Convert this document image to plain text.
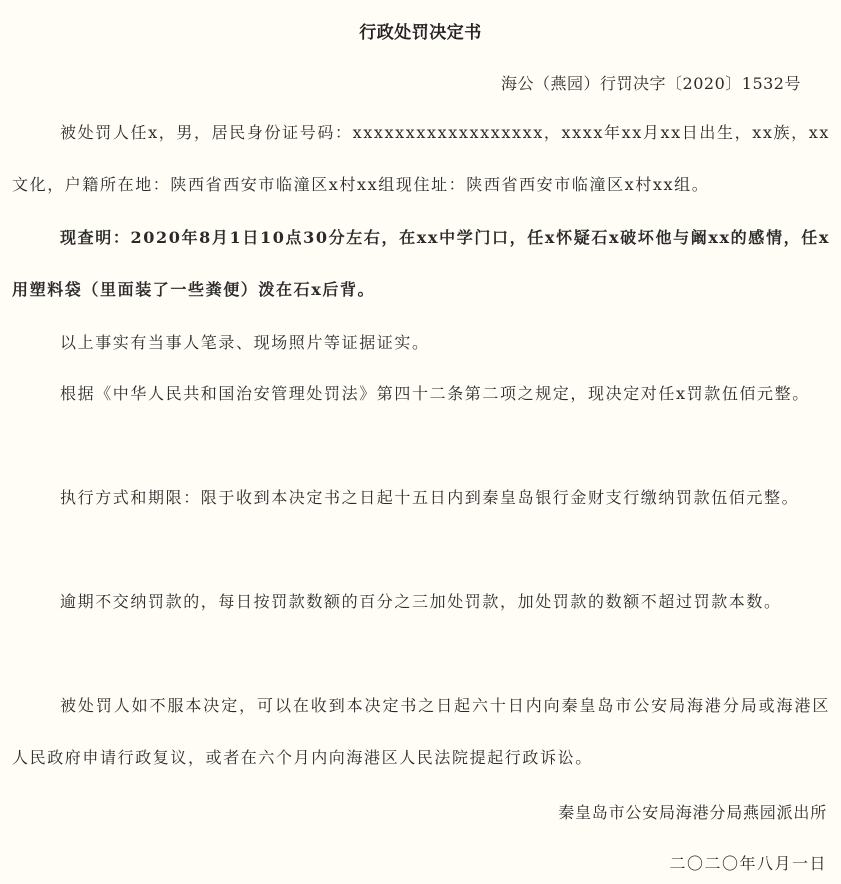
行政处罚决定书
海公（燕园）行罚决字〔2020〕1532号

被处罚人任x，男，居民身份证号码：xxxxxxxxxxxxxxxxxx，xxxx年xx月xx日出生，xx族，xx文化，户籍所在地：陕西省西安市临潼区x村xx组现住址：陕西省西安市临潼区x村xx组。

现查明：2020年8月1日10点30分左右，在xx中学门口，任x怀疑石x破坏他与阚xx的感情，任x用塑料袋（里面装了一些粪便）泼在石x后背。

以上事实有当事人笔录、现场照片等证据证实。

根据《中华人民共和国治安管理处罚法》第四十二条第二项之规定，现决定对任x罚款伍佰元整。

执行方式和期限：限于收到本决定书之日起十五日内到秦皇岛银行金财支行缴纳罚款伍佰元整。

逾期不交纳罚款的，每日按罚款数额的百分之三加处罚款，加处罚款的数额不超过罚款本数。

被处罚人如不服本决定，可以在收到本决定书之日起六十日内向秦皇岛市公安局海港分局或海港区人民政府申请行政复议，或者在六个月内向海港区人民法院提起行政诉讼。

秦皇岛市公安局海港分局燕园派出所
二〇二〇年八月一日
